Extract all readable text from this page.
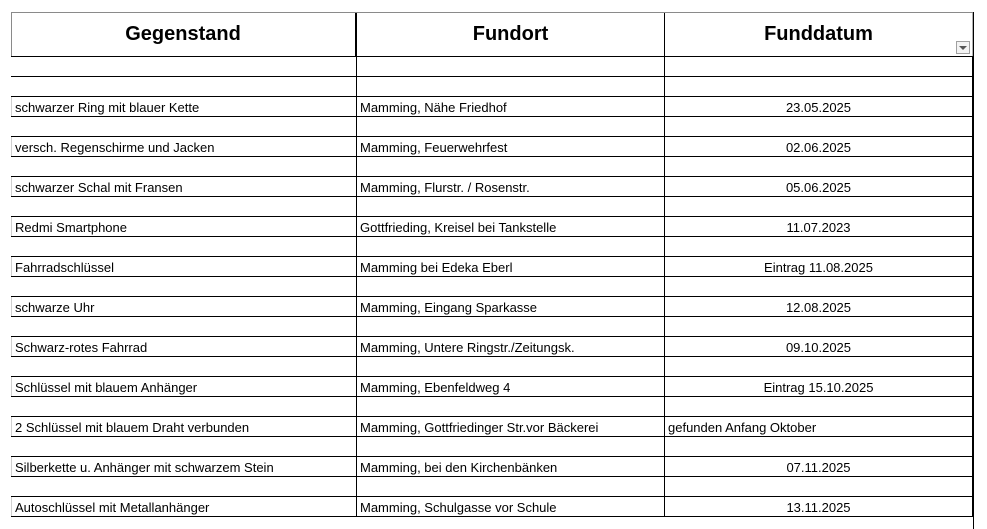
Gegenstand	Fundort	Funddatum
schwarzer Ring mit blauer Kette	Mamming, Nähe Friedhof	23.05.2025
versch. Regenschirme und Jacken	Mamming, Feuerwehrfest	02.06.2025
schwarzer Schal mit Fransen	Mamming, Flurstr. / Rosenstr.	05.06.2025
Redmi Smartphone	Gottfrieding, Kreisel bei Tankstelle	11.07.2023
Fahrradschlüssel	Mamming bei Edeka Eberl	Eintrag 11.08.2025
schwarze Uhr	Mamming, Eingang Sparkasse	12.08.2025
Schwarz-rotes Fahrrad	Mamming, Untere Ringstr./Zeitungsk.	09.10.2025
Schlüssel mit blauem Anhänger	Mamming, Ebenfeldweg 4	Eintrag 15.10.2025
2 Schlüssel mit blauem Draht verbunden	Mamming, Gottfriedinger Str.vor Bäckerei	gefunden Anfang Oktober
Silberkette u. Anhänger mit schwarzem Stein	Mamming, bei den Kirchenbänken	07.11.2025
Autoschlüssel mit Metallanhänger	Mamming, Schulgasse vor Schule	13.11.2025
